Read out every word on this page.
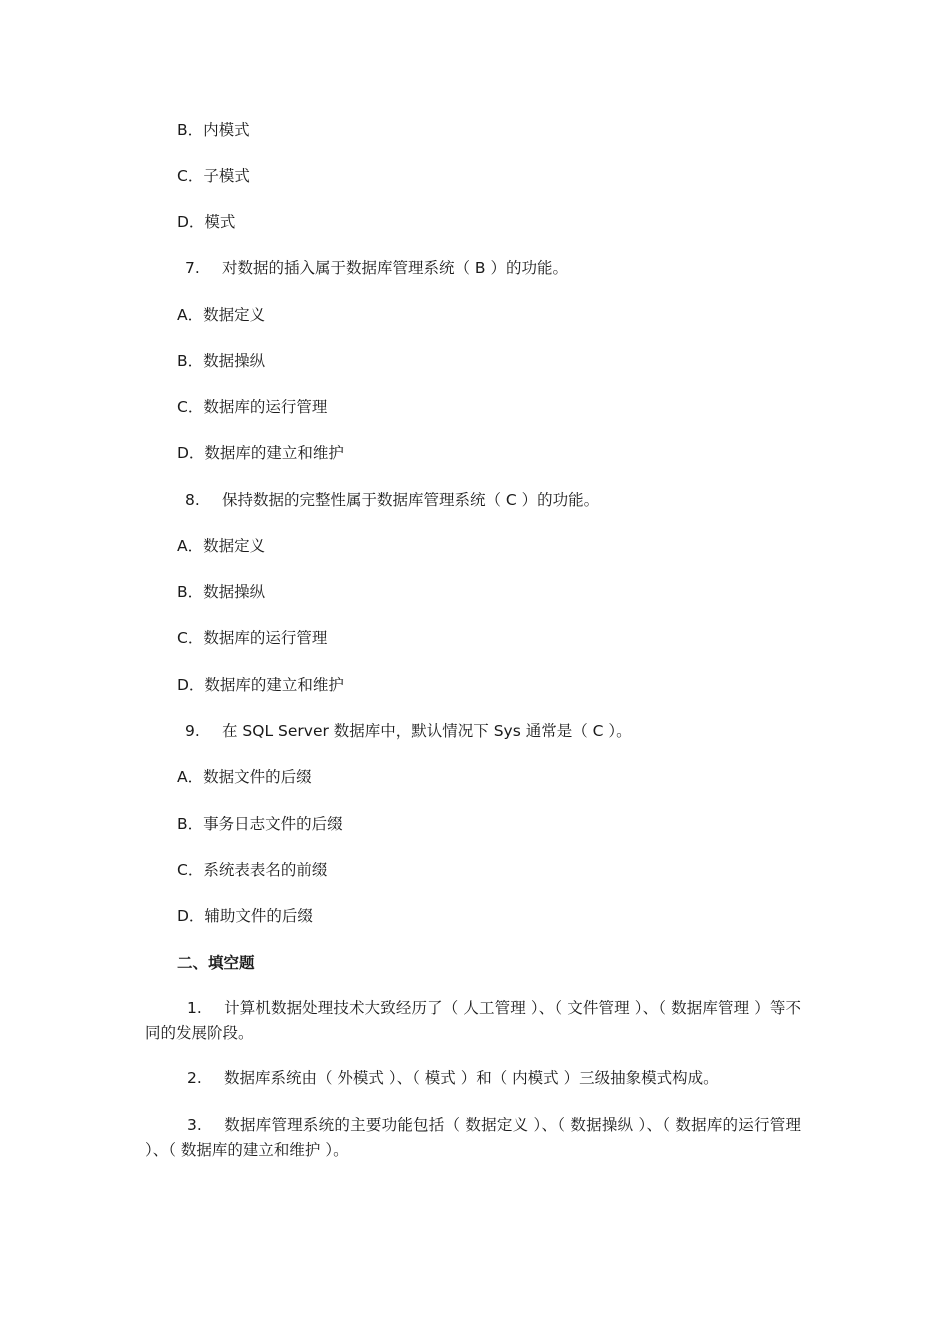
B．内模式
C．子模式
D．模式
7.	对数据的插入属于数据库管理系统（ B ）的功能。
A．数据定义
B．数据操纵
C．数据库的运行管理
D．数据库的建立和维护
8.	保持数据的完整性属于数据库管理系统（ C ）的功能。
A．数据定义
B．数据操纵
C．数据库的运行管理
D．数据库的建立和维护
9.	在 SQL Server 数据库中，默认情况下 Sys 通常是（ C ）。
A．数据文件的后缀
B．事务日志文件的后缀
C．系统表表名的前缀
D．辅助文件的后缀
二、填空题
1. 计算机数据处理技术大致经历了（ 人工管理 ）、（ 文件管理 ）、（ 数据库管理 ）等不同的发展阶段。
2. 数据库系统由（ 外模式 ）、（ 模式 ）和（ 内模式 ）三级抽象模式构成。
3. 数据库管理系统的主要功能包括（ 数据定义 ）、（ 数据操纵 ）、（ 数据库的运行管理 ）、（ 数据库的建立和维护 ）。
